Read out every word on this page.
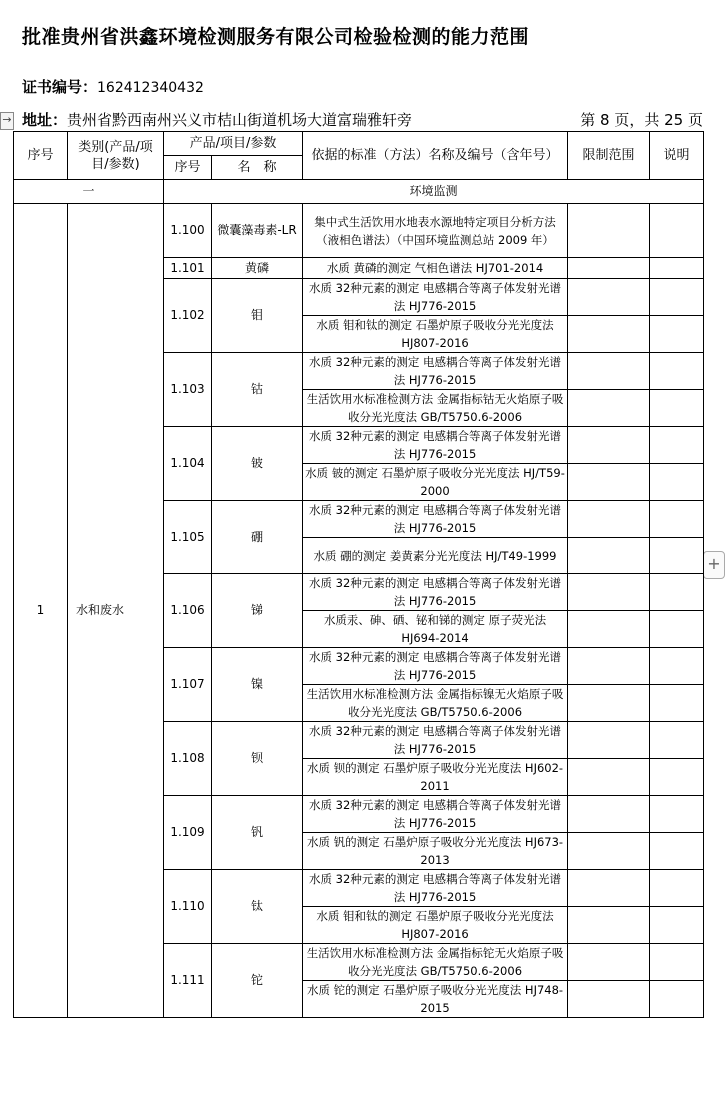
批准贵州省洪鑫环境检测服务有限公司检验检测的能力范围
证书编号：162412340432
→ 地址：贵州省黔西南州兴义市桔山街道机场大道富瑞雅轩旁	第 8 页，共 25 页
+
序号	类别(产品/项目/参数)	产品/项目/参数		依据的标准（方法）名称及编号（含年号）	限制范围	说明
		序号	名　称			
一		环境监测				
1	水和废水	1.100	微囊藻毒素-LR	集中式生活饮用水地表水源地特定项目分析方法（液相色谱法）（中国环境监测总站 2009 年）		
		1.101	黄磷	水质 黄磷的测定 气相色谱法 HJ701-2014		
		1.102	钼	水质 32种元素的测定 电感耦合等离子体发射光谱法 HJ776-2015		
				水质 钼和钛的测定 石墨炉原子吸收分光光度法 HJ807-2016		
		1.103	钴	水质 32种元素的测定 电感耦合等离子体发射光谱法 HJ776-2015		
				生活饮用水标准检测方法 金属指标钴无火焰原子吸收分光光度法 GB/T5750.6-2006		
		1.104	铍	水质 32种元素的测定 电感耦合等离子体发射光谱法 HJ776-2015		
				水质 铍的测定 石墨炉原子吸收分光光度法 HJ/T59-2000		
		1.105	硼	水质 32种元素的测定 电感耦合等离子体发射光谱法 HJ776-2015		
				水质 硼的测定 姜黄素分光光度法 HJ/T49-1999		
		1.106	锑	水质 32种元素的测定 电感耦合等离子体发射光谱法 HJ776-2015		
				水质汞、砷、硒、铋和锑的测定 原子荧光法 HJ694-2014		
		1.107	镍	水质 32种元素的测定 电感耦合等离子体发射光谱法 HJ776-2015		
				生活饮用水标准检测方法 金属指标镍无火焰原子吸收分光光度法 GB/T5750.6-2006		
		1.108	钡	水质 32种元素的测定 电感耦合等离子体发射光谱法 HJ776-2015		
				水质 钡的测定 石墨炉原子吸收分光光度法 HJ602-2011		
		1.109	钒	水质 32种元素的测定 电感耦合等离子体发射光谱法 HJ776-2015		
				水质 钒的测定 石墨炉原子吸收分光光度法 HJ673-2013		
		1.110	钛	水质 32种元素的测定 电感耦合等离子体发射光谱法 HJ776-2015		
				水质 钼和钛的测定 石墨炉原子吸收分光光度法 HJ807-2016		
		1.111	铊	生活饮用水标准检测方法 金属指标铊无火焰原子吸收分光光度法 GB/T5750.6-2006		
				水质 铊的测定 石墨炉原子吸收分光光度法 HJ748-2015		
